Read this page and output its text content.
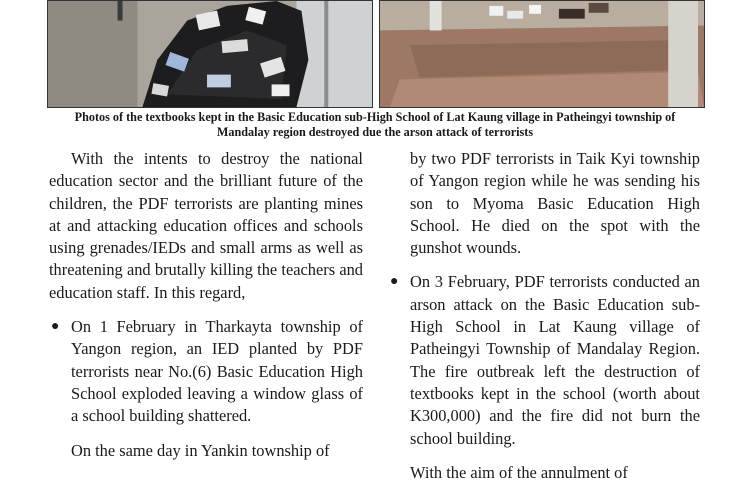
Photos of the textbooks kept in the Basic Education sub-High School of Lat Kaung village in Patheingyi township of
Mandalay region destroyed due the arson attack of terrorists

With the intents to destroy the national education sector and the brilliant future of the children, the PDF terrorists are planting mines at and attacking education offices and schools using grenades/IEDs and small arms as well as threatening and brutally killing the teachers and education staff. In this regard,

● On 1 February in Tharkayta township of Yangon region, an IED planted by PDF terrorists near No.(6) Basic Education High School exploded leaving a window glass of a school building shattered.
On the same day in Yankin township of

by two PDF terrorists in Taik Kyi township of Yangon region while he was sending his son to Myoma Basic Education High School. He died on the spot with the gunshot wounds.

● On 3 February, PDF terrorists conducted an arson attack on the Basic Education sub-High School in Lat Kaung village of Patheingyi Township of Mandalay Region. The fire outbreak left the destruction of textbooks kept in the school (worth about K300,000) and the fire did not burn the school building.
With the aim of the annulment of
